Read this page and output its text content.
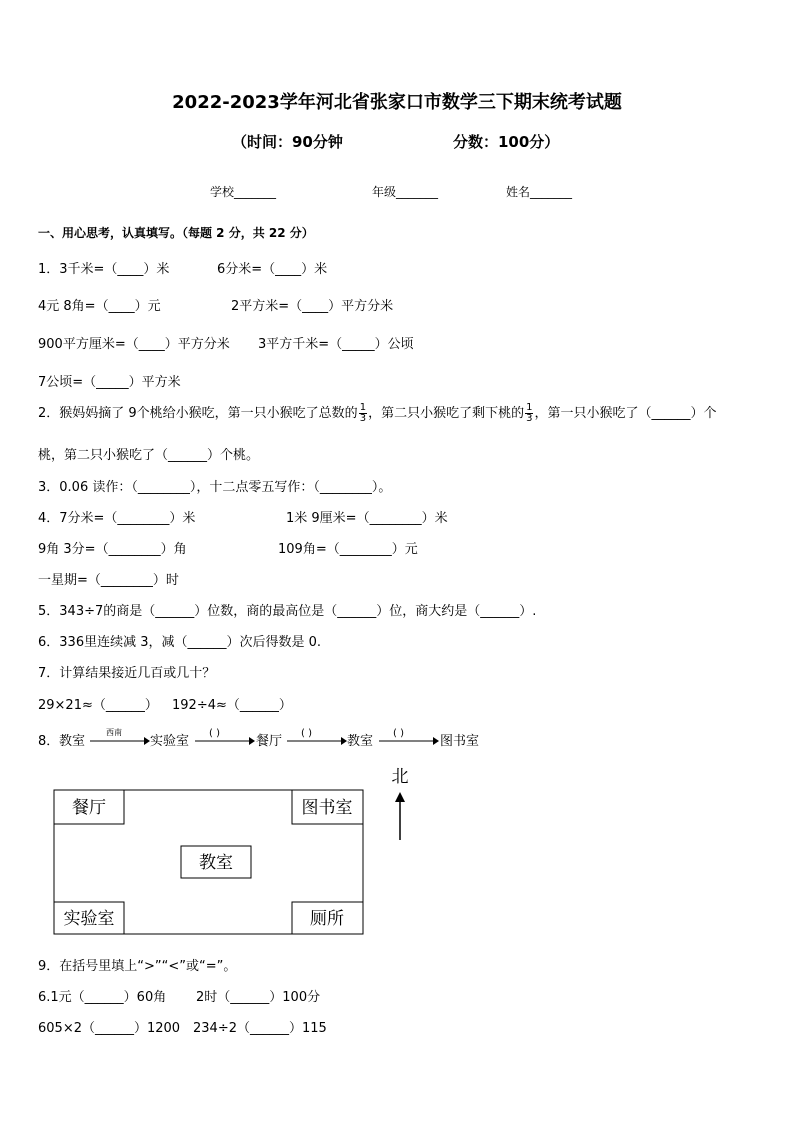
2022-2023学年河北省张家口市数学三下期末统考试题
（时间：90分钟	分数：100分）
学校_______	年级_______	姓名_______
一、用心思考，认真填写。（每题 2 分，共 22 分）
1．3千米=（____）米	6分米=（____）米
4元 8角=（____）元	2平方米=（____）平方分米
900平方厘米=（____）平方分米 3平方千米=（_____）公顷
7公顷=（_____）平方米
2．猴妈妈摘了 9个桃给小猴吃，第一只小猴吃了总数的 $\frac{1}{3}$ ，第二只小猴吃了剩下桃的 $\frac{1}{3}$ ，第一只小猴吃了（______）个
桃，第二只小猴吃了（______）个桃。
3．0.06 读作：（________），十二点零五写作：（________）。
4．7分米=（________）米	1米 9厘米=（________）米
9角 3分=（________）角	109角=（________）元
一星期=（________）时
5．343÷7的商是（______）位数，商的最高位是（______）位，商大约是（______）.
6．336里连续减 3，减（______）次后得数是 0.
7．计算结果接近几百或几十？
29×21≈（______） 192÷4≈（______）
8． 教室
西南
实验室
( )
餐厅
( )
教室
( )
图书室
餐厅	图书室
教室
实验室	厕所
北
9．在括号里填上“>”“<”或“=”。
6.1元（______）60角 2时（______）100分
605×2（______）1200 234÷2（______）115
